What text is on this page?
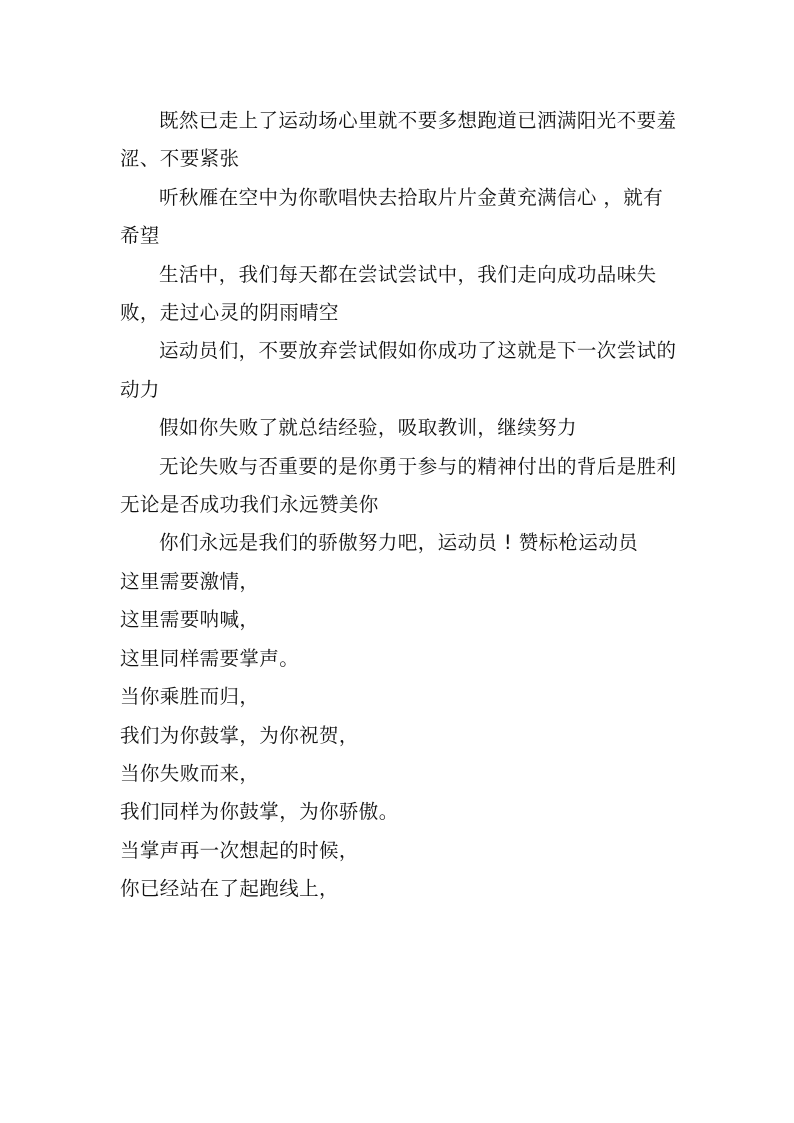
既然已走上了运动场心里就不要多想跑道已洒满阳光不要羞涩、不要紧张

听秋雁在空中为你歌唱快去拾取片片金黄充满信心 ，就有希望

生活中，我们每天都在尝试尝试中，我们走向成功品味失败，走过心灵的阴雨晴空

运动员们，不要放弃尝试假如你成功了这就是下一次尝试的动力

假如你失败了就总结经验，吸取教训，继续努力

无论失败与否重要的是你勇于参与的精神付出的背后是胜利

无论是否成功我们永远赞美你

你们永远是我们的骄傲努力吧，运动员 ! 赞标枪运动员

这里需要激情，

这里需要呐喊，

这里同样需要掌声。

当你乘胜而归，

我们为你鼓掌，为你祝贺，

当你失败而来，

我们同样为你鼓掌，为你骄傲。

当掌声再一次想起的时候，

你已经站在了起跑线上，
